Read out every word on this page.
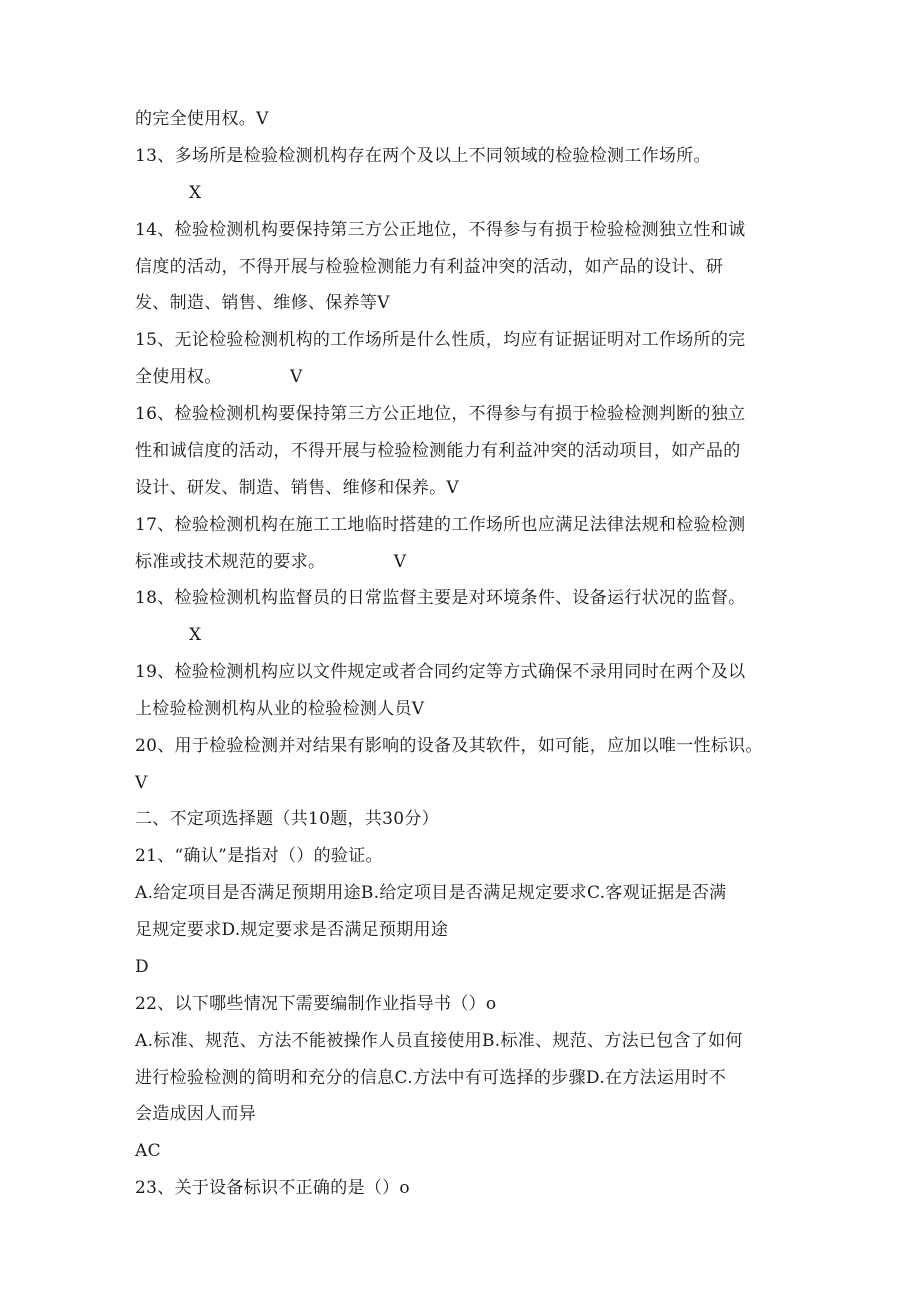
的完全使用权。V

13、多场所是检验检测机构存在两个及以上不同领域的检验检测工作场所。

X

14、检验检测机构要保持第三方公正地位，不得参与有损于检验检测独立性和诚

信度的活动，不得开展与检验检测能力有利益冲突的活动，如产品的设计、研

发、制造、销售、维修、保养等V

15、无论检验检测机构的工作场所是什么性质，均应有证据证明对工作场所的完

全使用权。            V

16、检验检测机构要保持第三方公正地位，不得参与有损于检验检测判断的独立

性和诚信度的活动，不得开展与检验检测能力有利益冲突的活动项目，如产品的

设计、研发、制造、销售、维修和保养。V

17、检验检测机构在施工工地临时搭建的工作场所也应满足法律法规和检验检测

标准或技术规范的要求。            V

18、检验检测机构监督员的日常监督主要是对环境条件、设备运行状况的监督。

X

19、检验检测机构应以文件规定或者合同约定等方式确保不录用同时在两个及以

上检验检测机构从业的检验检测人员V

20、用于检验检测并对结果有影响的设备及其软件，如可能，应加以唯一性标识。

V

二、不定项选择题（共10题，共30分）

21、“确认”是指对（）的验证。

A.给定项目是否满足预期用途B.给定项目是否满足规定要求C.客观证据是否满

足规定要求D.规定要求是否满足预期用途

D

22、以下哪些情况下需要编制作业指导书（）o

A.标准、规范、方法不能被操作人员直接使用B.标准、规范、方法已包含了如何

进行检验检测的简明和充分的信息C.方法中有可选择的步骤D.在方法运用时不

会造成因人而异

AC

23、关于设备标识不正确的是（）o
